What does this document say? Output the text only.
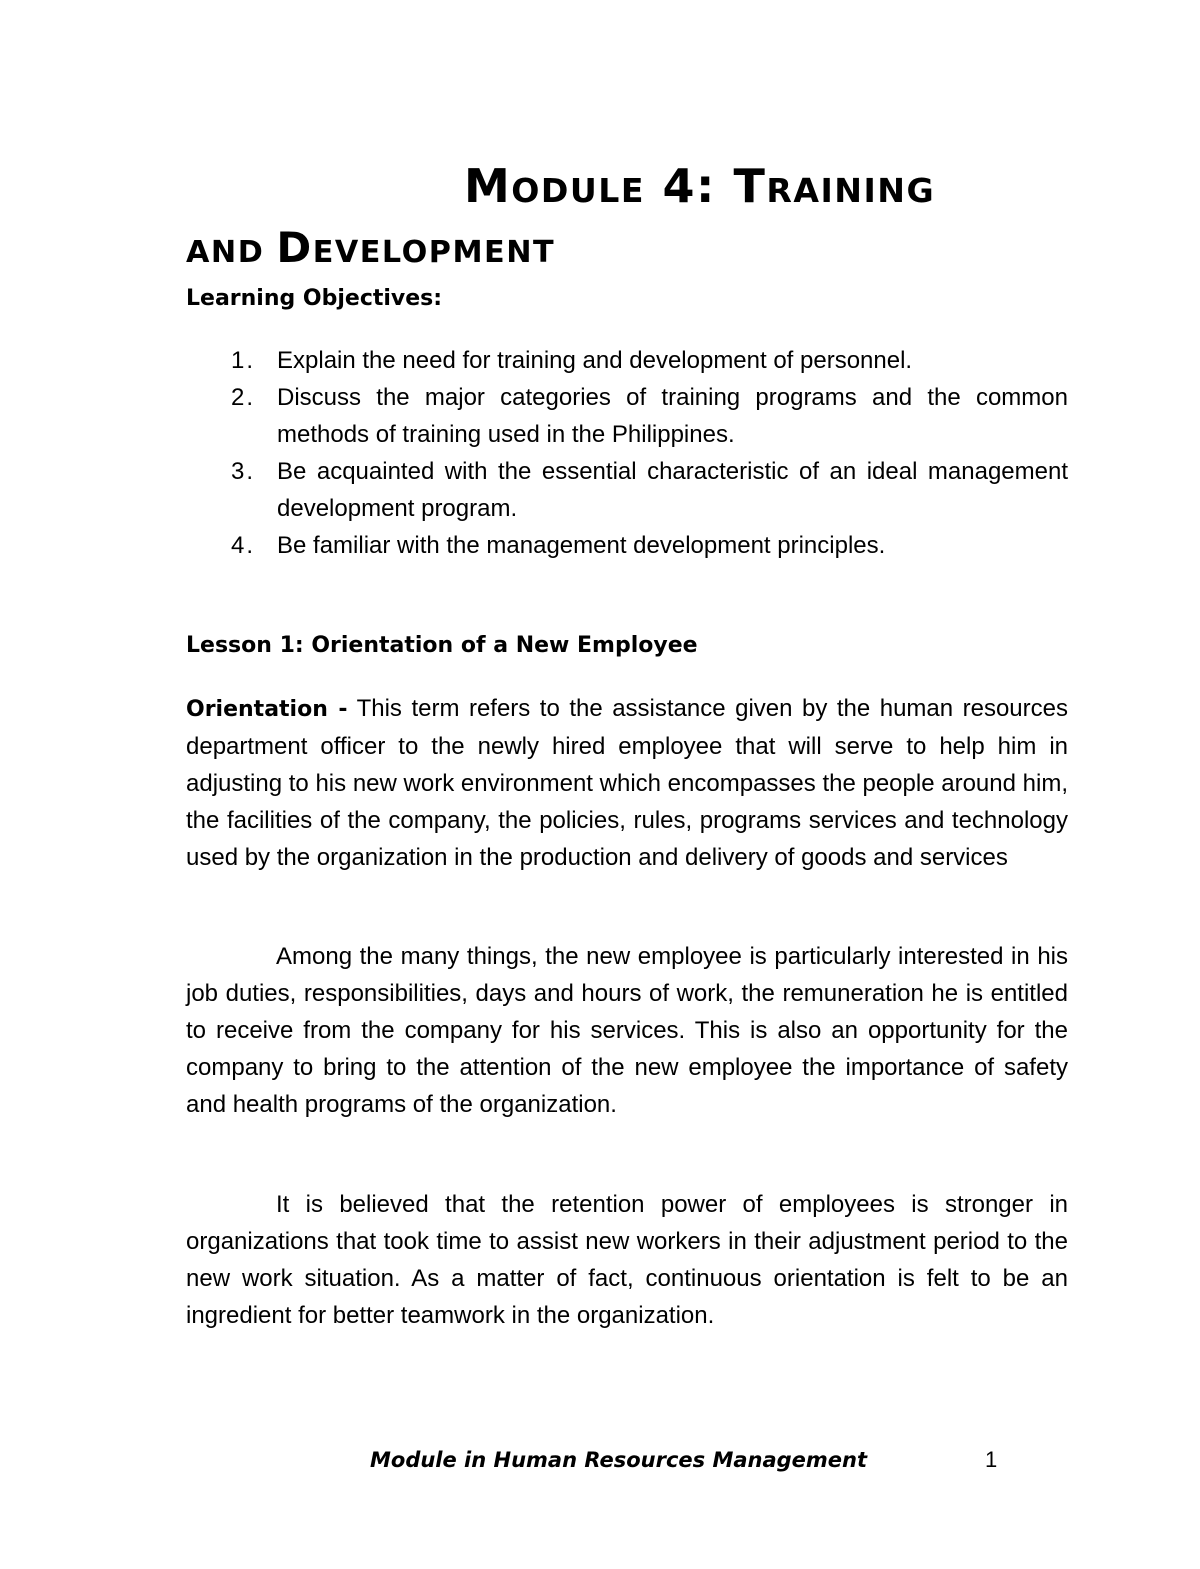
MODULE 4: TRAINING
AND DEVELOPMENT
Learning Objectives:
1. Explain the need for training and development of personnel.
2. Discuss the major categories of training programs and the common methods of training used in the Philippines.
3. Be acquainted with the essential characteristic of an ideal management development program.
4. Be familiar with the management development principles.
Lesson 1: Orientation of a New Employee

Orientation - This term refers to the assistance given by the human resources department officer to the newly hired employee that will serve to help him in adjusting to his new work environment which encompasses the people around him, the facilities of the company, the policies, rules, programs services and technology used by the organization in the production and delivery of goods and services

Among the many things, the new employee is particularly interested in his job duties, responsibilities, days and hours of work, the remuneration he is entitled to receive from the company for his services. This is also an opportunity for the company to bring to the attention of the new employee the importance of safety and health programs of the organization.

It is believed that the retention power of employees is stronger in organizations that took time to assist new workers in their adjustment period to the new work situation. As a matter of fact, continuous orientation is felt to be an ingredient for better teamwork in the organization.

Module in Human Resources Management	1
